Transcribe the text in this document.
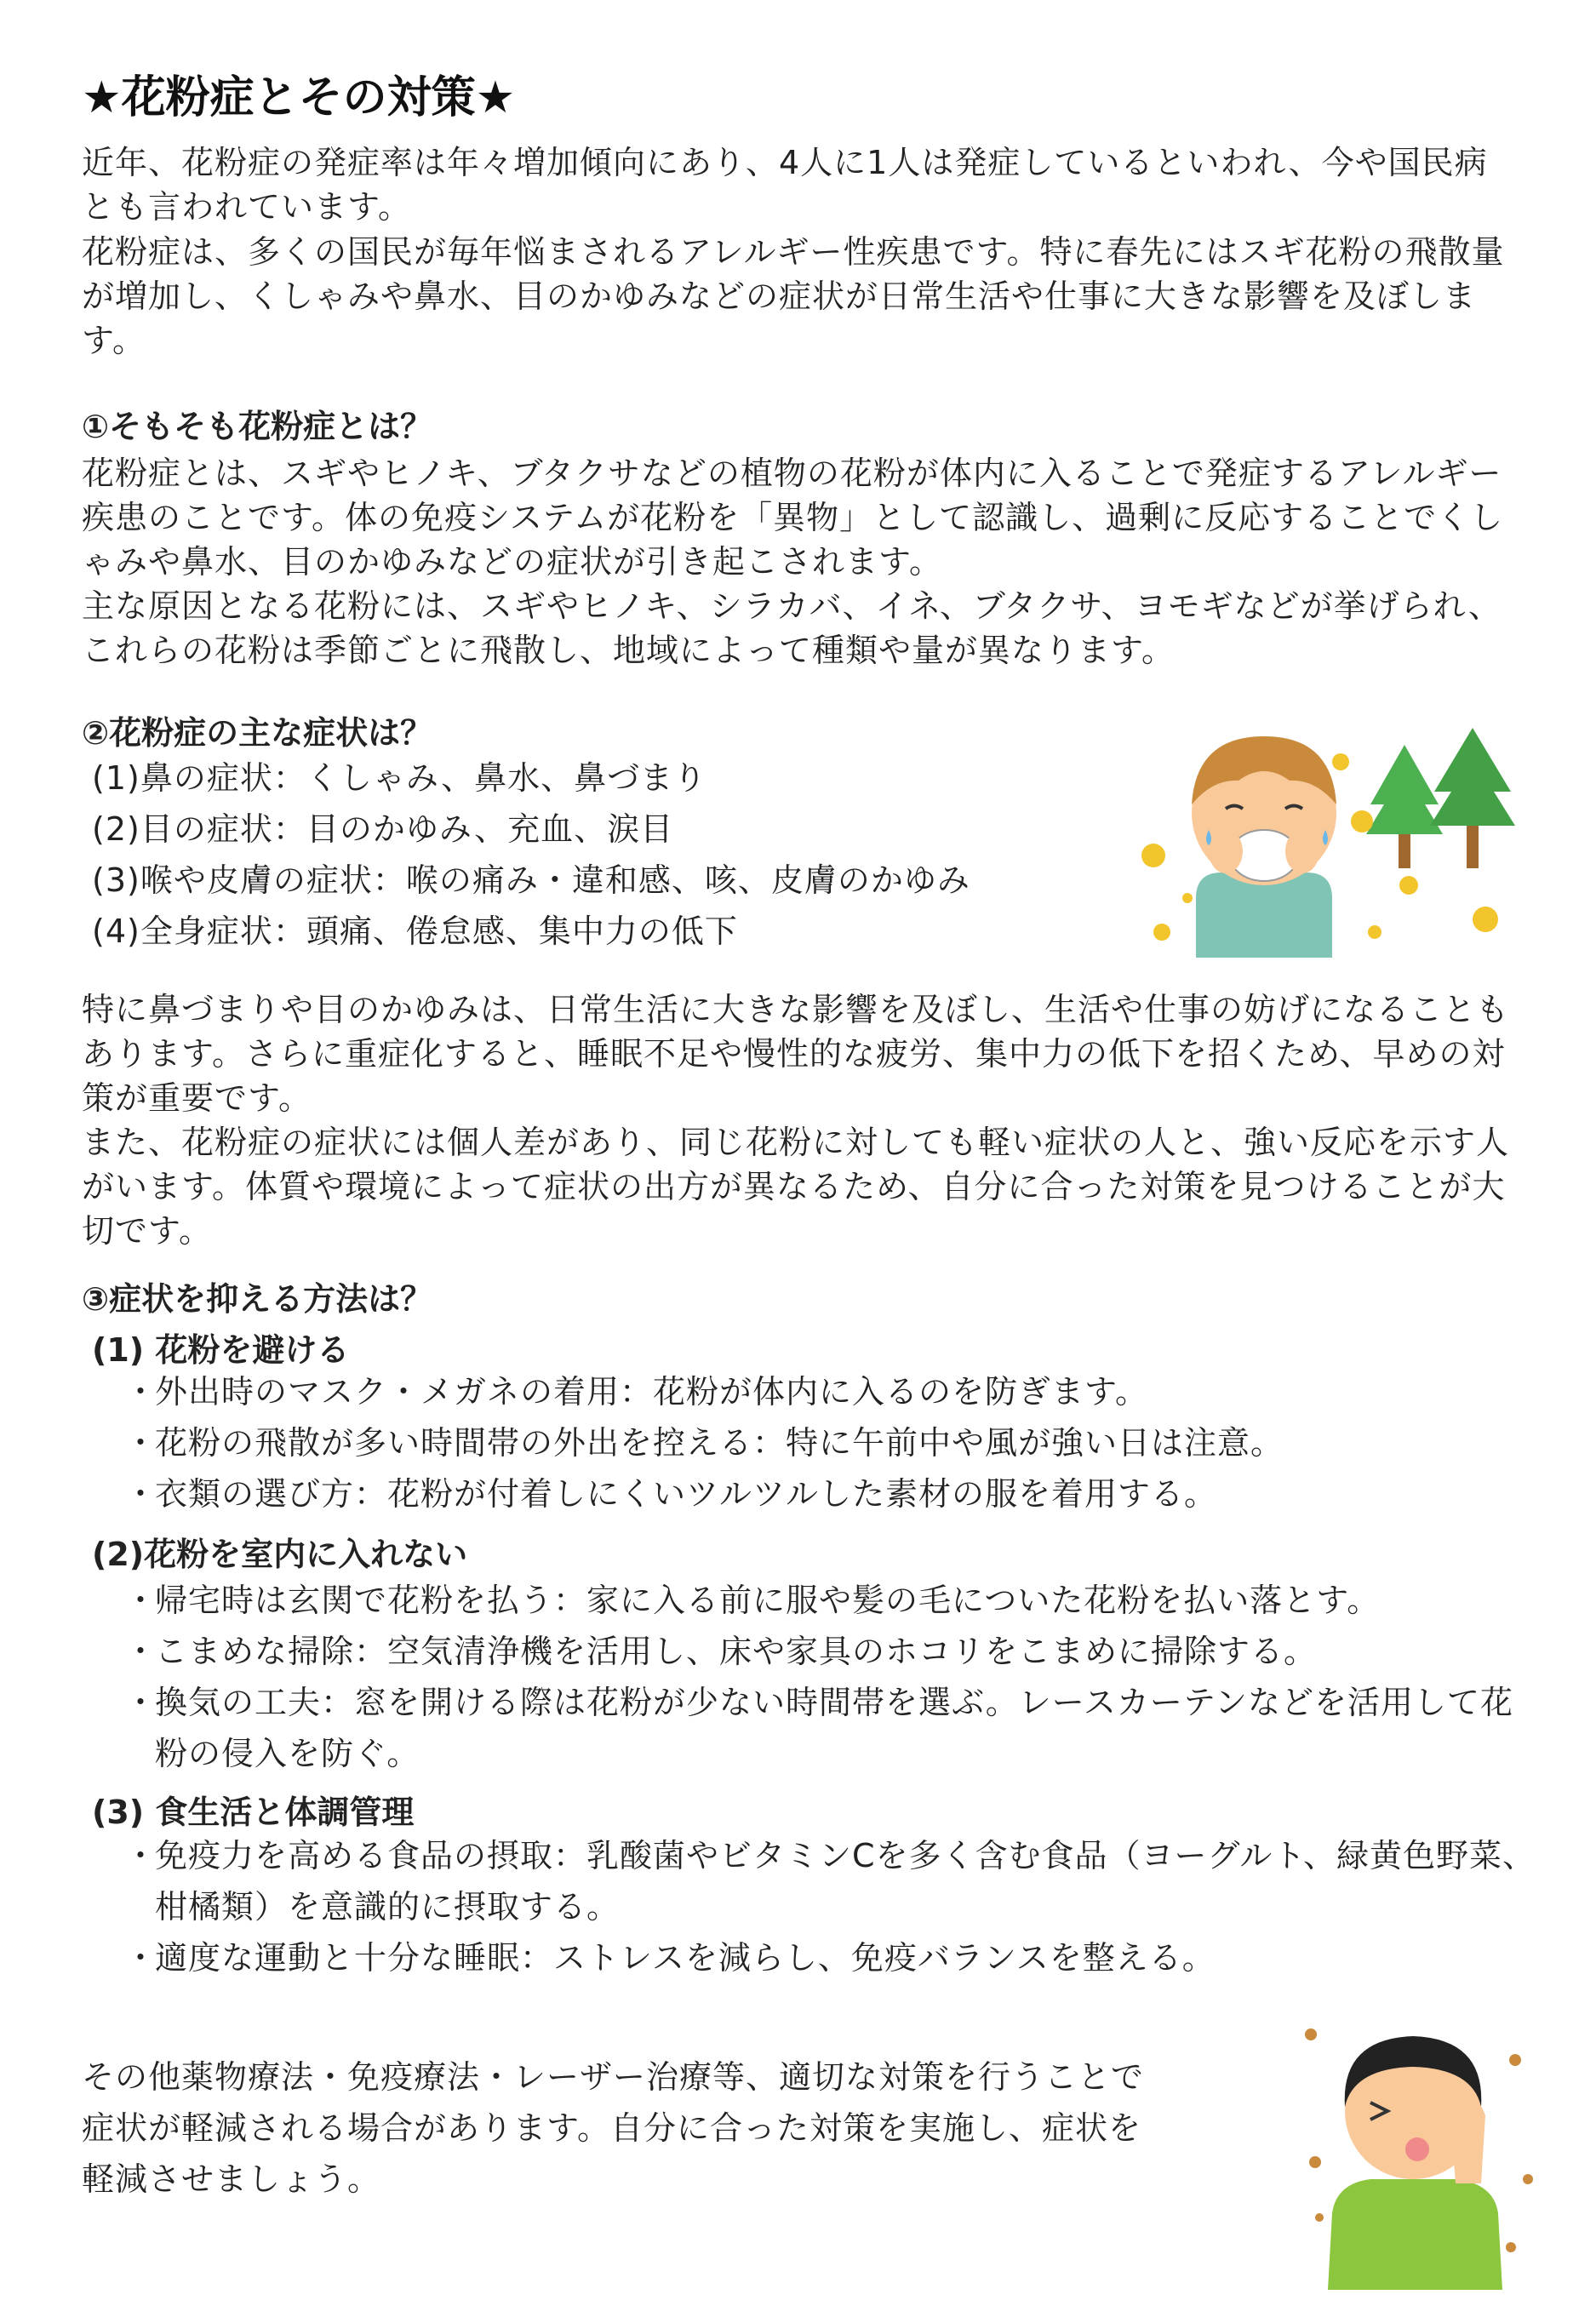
★花粉症とその対策★

近年、花粉症の発症率は年々増加傾向にあり、4人に1人は発症しているといわれ、今や国民病とも言われています。

花粉症は、多くの国民が毎年悩まされるアレルギー性疾患です。特に春先にはスギ花粉の飛散量が増加し、くしゃみや鼻水、目のかゆみなどの症状が日常生活や仕事に大きな影響を及ぼします。

①そもそも花粉症とは？

花粉症とは、スギやヒノキ、ブタクサなどの植物の花粉が体内に入ることで発症するアレルギー疾患のことです。体の免疫システムが花粉を「異物」として認識し、過剰に反応することでくしゃみや鼻水、目のかゆみなどの症状が引き起こされます。

主な原因となる花粉には、スギやヒノキ、シラカバ、イネ、ブタクサ、ヨモギなどが挙げられ、これらの花粉は季節ごとに飛散し、地域によって種類や量が異なります。

②花粉症の主な症状は？

(1)鼻の症状：くしゃみ、鼻水、鼻づまり

(2)目の症状：目のかゆみ、充血、涙目

(3)喉や皮膚の症状：喉の痛み・違和感、咳、皮膚のかゆみ

(4)全身症状：頭痛、倦怠感、集中力の低下

特に鼻づまりや目のかゆみは、日常生活に大きな影響を及ぼし、生活や仕事の妨げになることもあります。さらに重症化すると、睡眠不足や慢性的な疲労、集中力の低下を招くため、早めの対策が重要です。

また、花粉症の症状には個人差があり、同じ花粉に対しても軽い症状の人と、強い反応を示す人がいます。体質や環境によって症状の出方が異なるため、自分に合った対策を見つけることが大切です。

③症状を抑える方法は？
(1) 花粉を避ける

・外出時のマスク・メガネの着用：花粉が体内に入るのを防ぎます。

・花粉の飛散が多い時間帯の外出を控える：特に午前中や風が強い日は注意。

・衣類の選び方：花粉が付着しにくいツルツルした素材の服を着用する。

(2)花粉を室内に入れない

・帰宅時は玄関で花粉を払う：家に入る前に服や髪の毛についた花粉を払い落とす。

・こまめな掃除：空気清浄機を活用し、床や家具のホコリをこまめに掃除する。

・換気の工夫：窓を開ける際は花粉が少ない時間帯を選ぶ。レースカーテンなどを活用して花粉の侵入を防ぐ。

(3) 食生活と体調管理

・免疫力を高める食品の摂取：乳酸菌やビタミンCを多く含む食品（ヨーグルト、緑黄色野菜、柑橘類）を意識的に摂取する。

・適度な運動と十分な睡眠：ストレスを減らし、免疫バランスを整える。

その他薬物療法・免疫療法・レーザー治療等、適切な対策を行うことで

症状が軽減される場合があります。自分に合った対策を実施し、症状を

軽減させましょう。
